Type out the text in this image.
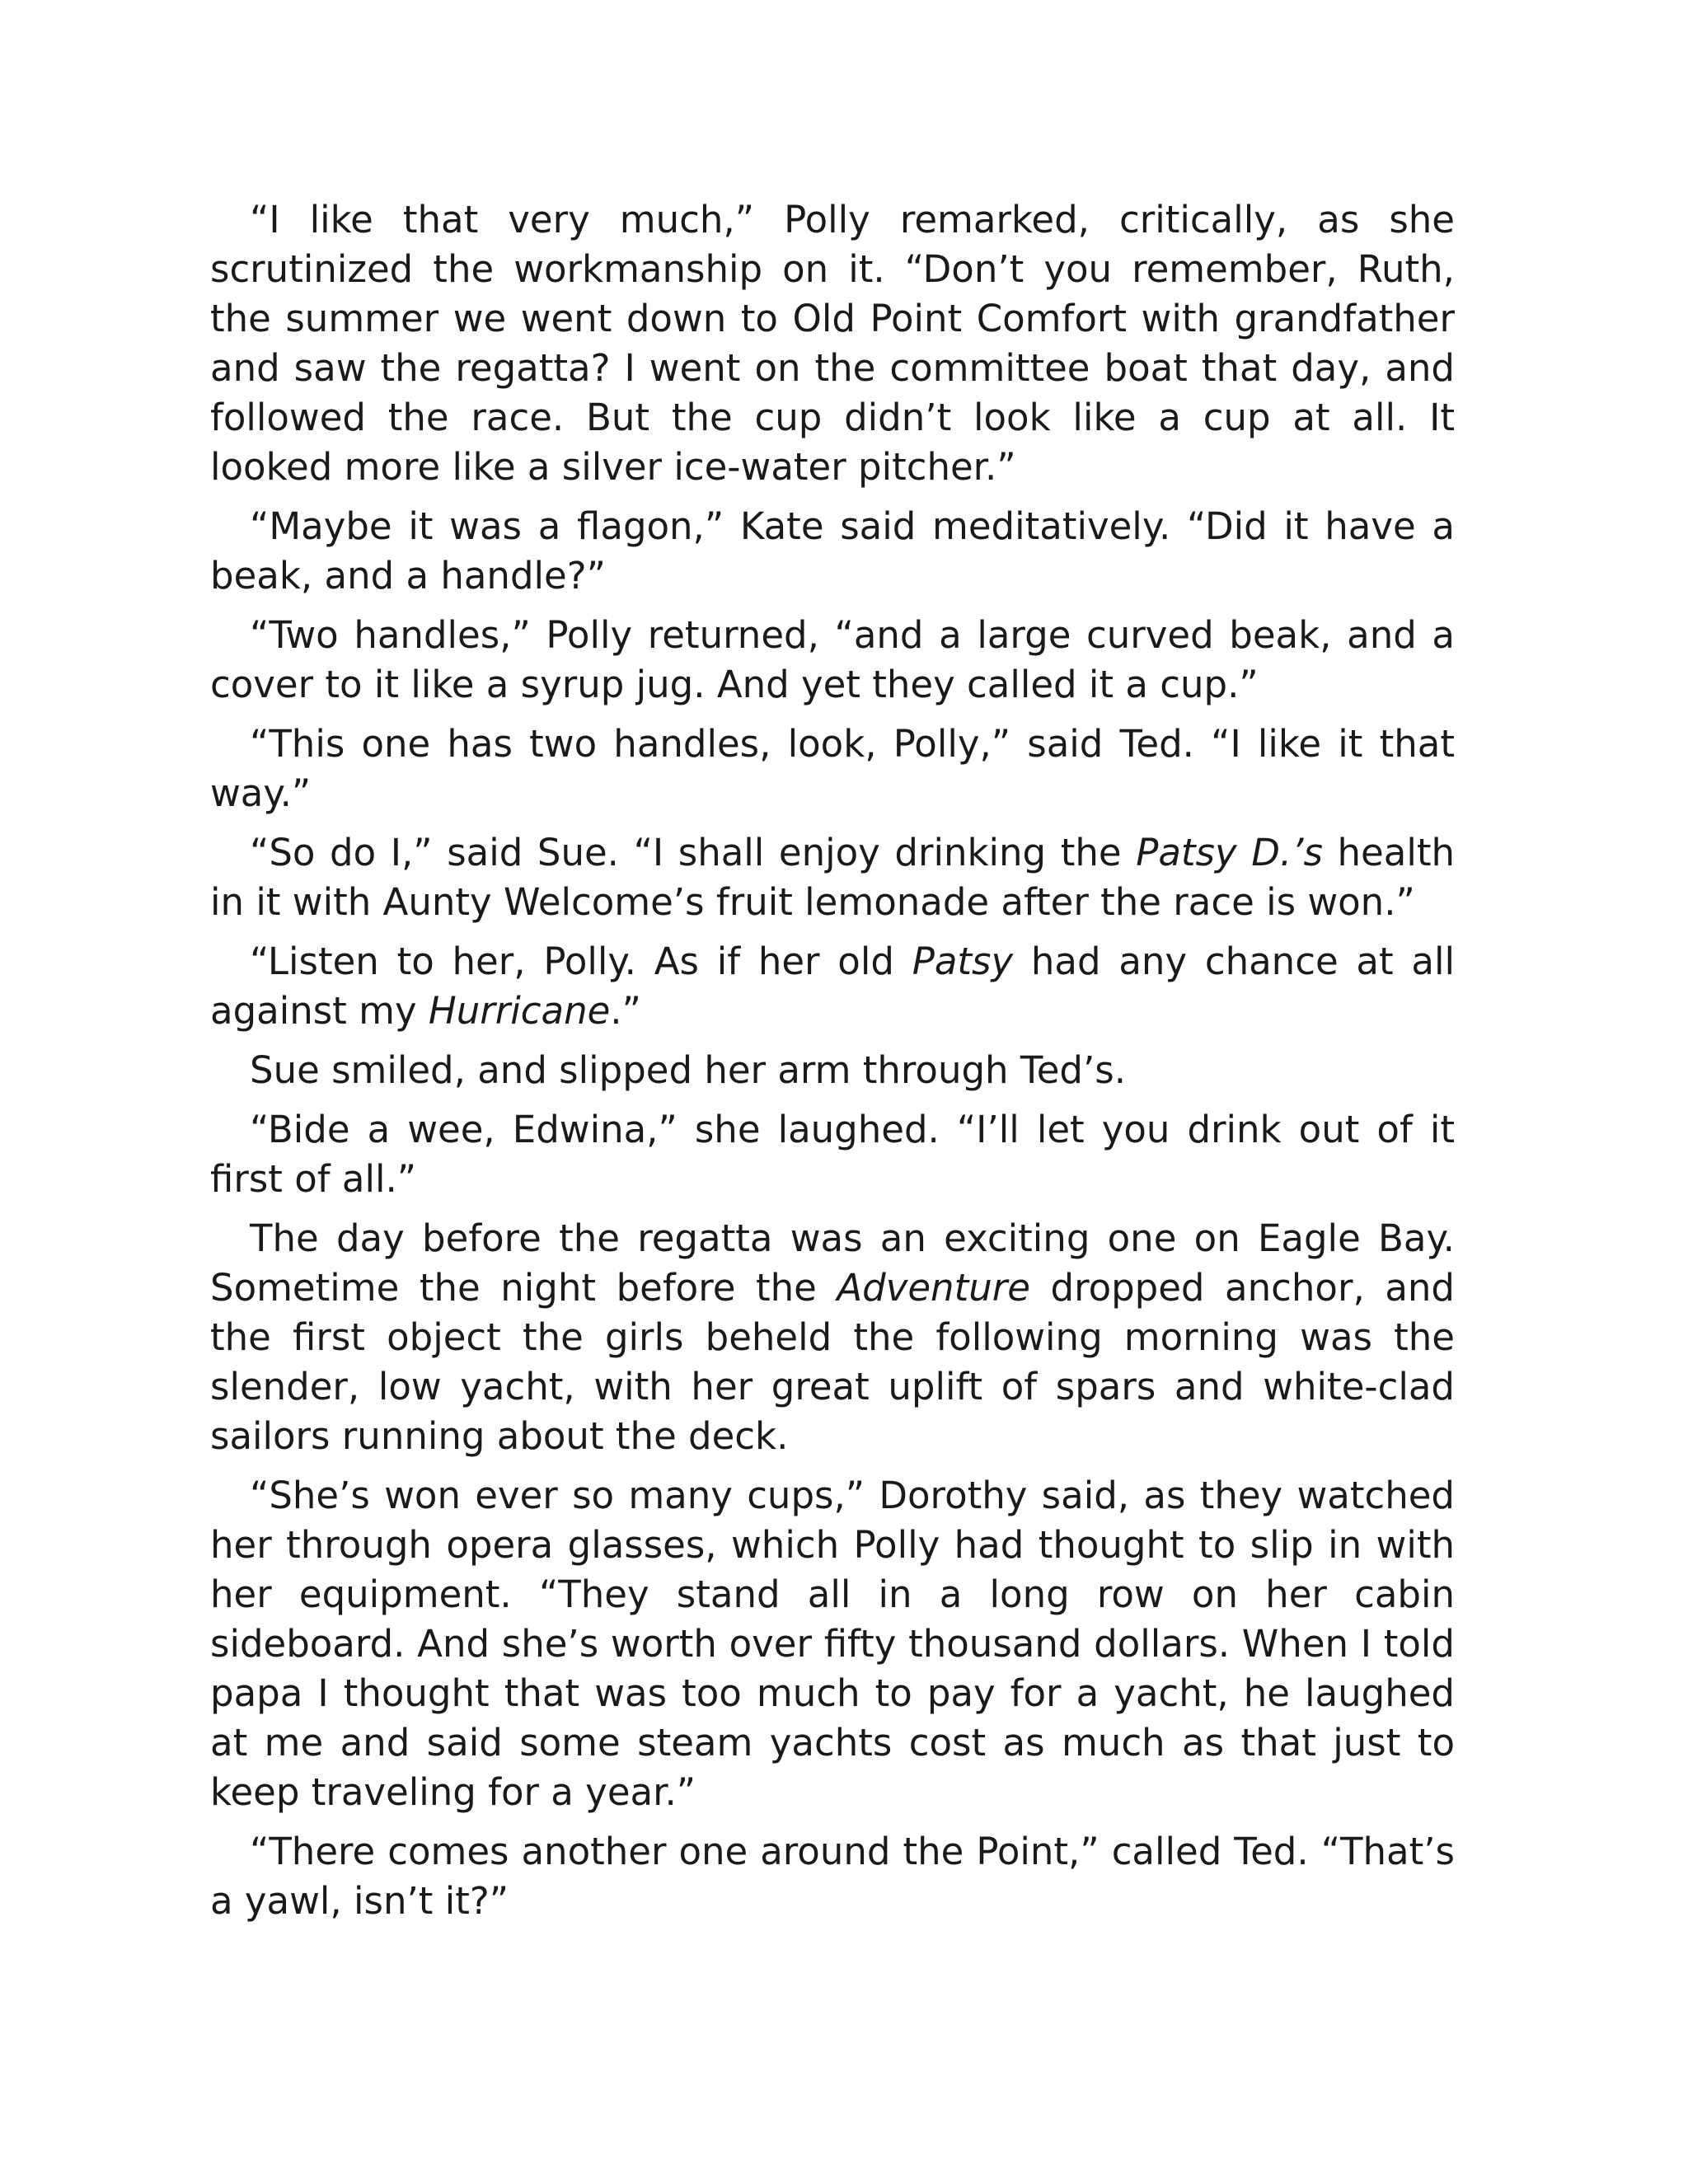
“I like that very much,” Polly remarked, critically, as she scrutinized the workmanship on it. “Don’t you remember, Ruth, the summer we went down to Old Point Comfort with grandfather and saw the regatta? I went on the committee boat that day, and followed the race. But the cup didn’t look like a cup at all. It looked more like a silver ice-water pitcher.”

“Maybe it was a flagon,” Kate said meditatively. “Did it have a beak, and a handle?”

“Two handles,” Polly returned, “and a large curved beak, and a cover to it like a syrup jug. And yet they called it a cup.”

“This one has two handles, look, Polly,” said Ted. “I like it that way.”

“So do I,” said Sue. “I shall enjoy drinking the Patsy D.’s health in it with Aunty Welcome’s fruit lemonade after the race is won.”

“Listen to her, Polly. As if her old Patsy had any chance at all against my Hurricane.”

Sue smiled, and slipped her arm through Ted’s.

“Bide a wee, Edwina,” she laughed. “I’ll let you drink out of it first of all.”

The day before the regatta was an exciting one on Eagle Bay. Sometime the night before the Adventure dropped anchor, and the first object the girls beheld the following morning was the slender, low yacht, with her great uplift of spars and white-clad sailors running about the deck.

“She’s won ever so many cups,” Dorothy said, as they watched her through opera glasses, which Polly had thought to slip in with her equipment. “They stand all in a long row on her cabin sideboard. And she’s worth over fifty thousand dollars. When I told papa I thought that was too much to pay for a yacht, he laughed at me and said some steam yachts cost as much as that just to keep traveling for a year.”

“There comes another one around the Point,” called Ted. “That’s a yawl, isn’t it?”
